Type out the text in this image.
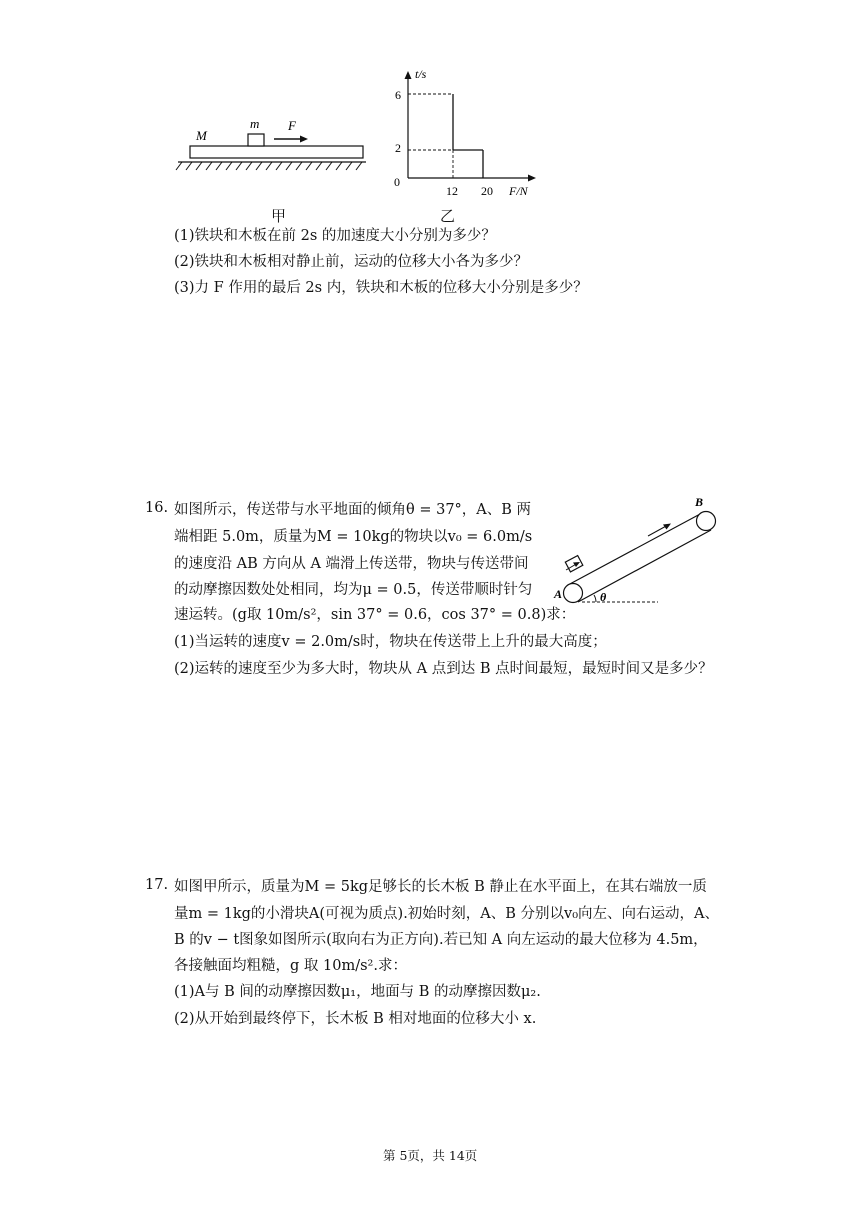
M
m F
甲
t/s
F/N
0
6
2
12 20
乙
(1)铁块和木板在前 2s 的加速度大小分别为多少？
(2)铁块和木板相对静止前，运动的位移大小各为多少？
(3)力 F 作用的最后 2s 内，铁块和木板的位移大小分别是多少？
16. 如图所示，传送带与水平地面的倾角θ = 37°，A、B 两
端相距 5.0m，质量为M = 10kg的物块以v₀ = 6.0m/s
的速度沿 AB 方向从 A 端滑上传送带，物块与传送带间
的动摩擦因数处处相同，均为μ = 0.5，传送带顺时针匀
速运转。(g取 10m/s²，sin 37° = 0.6，cos 37° = 0.8)求：
(1)当运转的速度v = 2.0m/s时，物块在传送带上上升的最大高度；
(2)运转的速度至少为多大时，物块从 A 点到达 B 点时间最短，最短时间又是多少？
A
B
θ
17. 如图甲所示，质量为M = 5kg足够长的长木板 B 静止在水平面上，在其右端放一质
量m = 1kg的小滑块A(可视为质点).初始时刻，A、B 分别以v₀向左、向右运动，A、
B 的v − t图象如图所示(取向右为正方向).若已知 A 向左运动的最大位移为 4.5m，
各接触面均粗糙，g 取 10m/s².求：
(1)A与 B 间的动摩擦因数μ₁，地面与 B 的动摩擦因数μ₂.
(2)从开始到最终停下，长木板 B 相对地面的位移大小 x.
第 5页，共 14页
